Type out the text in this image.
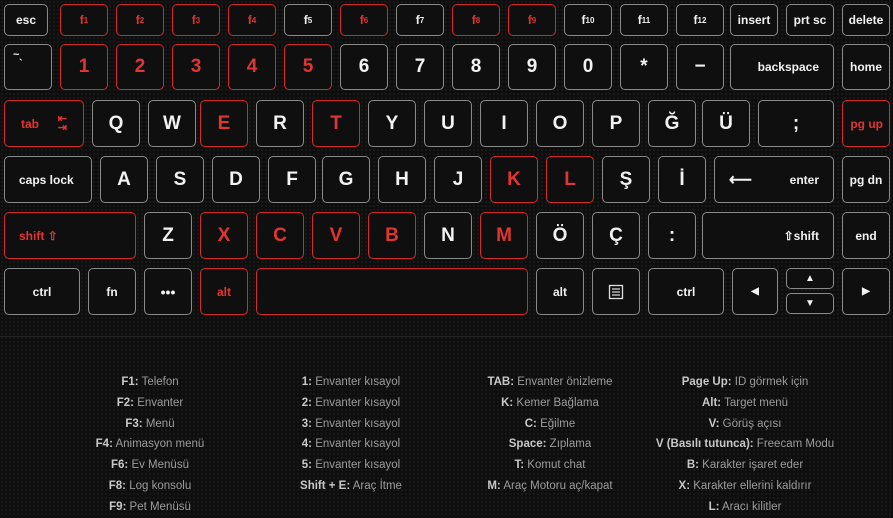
esc	f 1	f 2	f 3	f 4	f 5	f 6	f 7	f 8	f 9	f 10	f 11	f 12	insert prt sc delete
~
`	1 2 3 4 5 6 7 8 9 0 * −	backspace	home
tab ⇤
⇥ Q W E R T Y U I O P Ğ Ü	;	pg up
caps lock A S D F G H J K L Ş İ	⟵	enter	pg dn
shift ⇧	Z X C V B N M Ö Ç :	⇧shift	end
ctrl	fn	•••	alt	alt	ctrl	◀
▲
▼
▶
F1: Telefon
F2: Envanter
F3: Menü
F4: Animasyon menü
F6: Ev Menüsü
F8: Log konsolu
F9: Pet Menüsü
1: Envanter kısayol
2: Envanter kısayol
3: Envanter kısayol
4: Envanter kısayol
5: Envanter kısayol
Shift + E: Araç İtme
TAB: Envanter önizleme
K: Kemer Bağlama
C: Eğilme
Space: Zıplama
T: Komut chat
M: Araç Motoru aç/kapat
Page Up: ID görmek için
Alt: Target menü
V: Görüş açısı
V (Basılı tutunca): Freecam Modu
B: Karakter işaret eder
X: Karakter ellerini kaldırır
L: Aracı kilitler
